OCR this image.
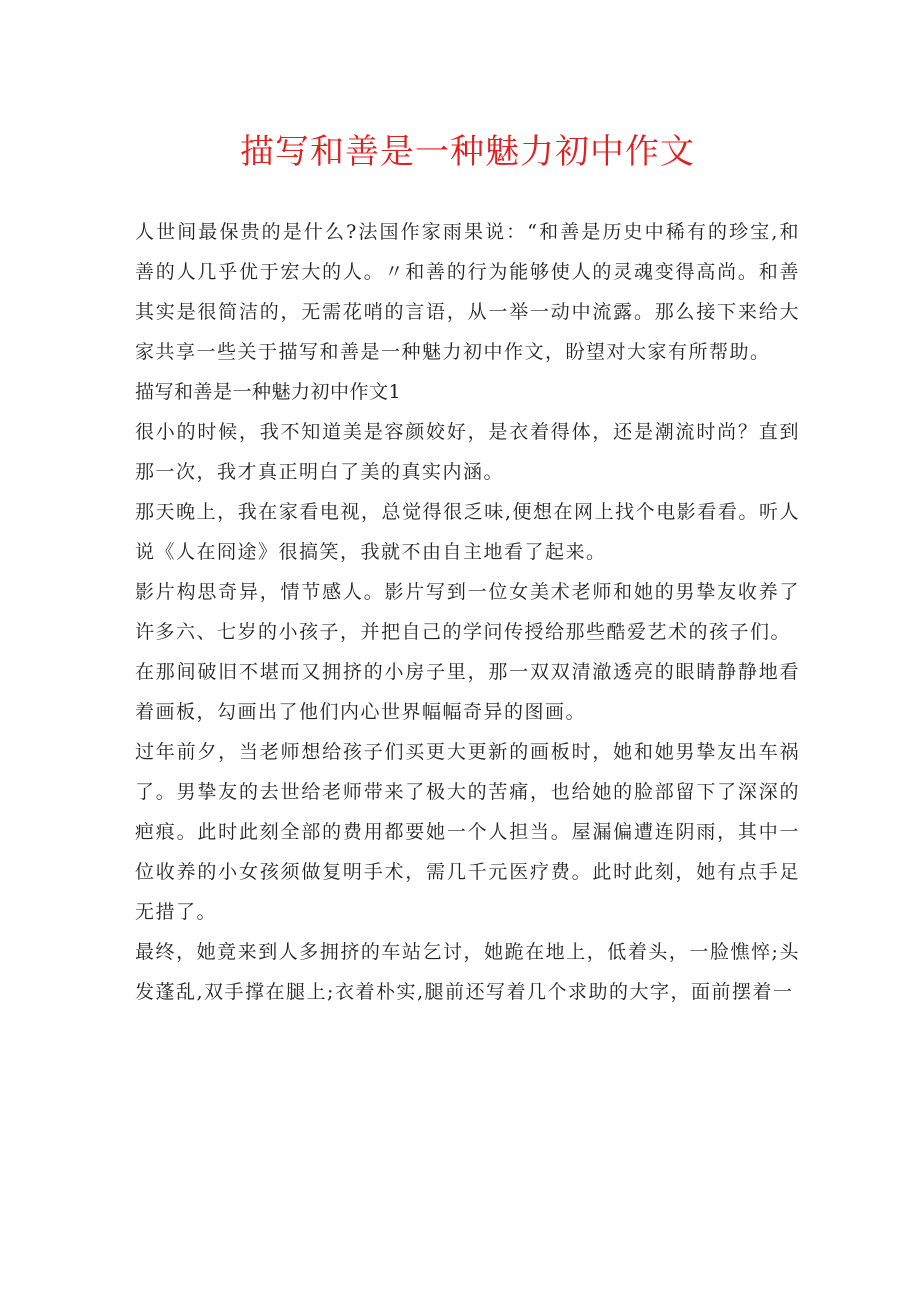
描写和善是一种魅力初中作文

人世间最保贵的是什么?法国作家雨果说：“和善是历史中稀有的珍宝,和善的人几乎优于宏大的人。〃和善的行为能够使人的灵魂变得高尚。和善其实是很简洁的，无需花哨的言语，从一举一动中流露。那么接下来给大家共享一些关于描写和善是一种魅力初中作文，盼望对大家有所帮助。

描写和善是一种魅力初中作文1

很小的时候，我不知道美是容颜姣好，是衣着得体，还是潮流时尚？直到那一次，我才真正明白了美的真实内涵。

那天晚上，我在家看电视，总觉得很乏味,便想在网上找个电影看看。听人说《人在冏途》很搞笑，我就不由自主地看了起来。

影片构思奇异，情节感人。影片写到一位女美术老师和她的男挚友收养了许多六、七岁的小孩子，并把自己的学问传授给那些酷爱艺术的孩子们。

在那间破旧不堪而又拥挤的小房子里，那一双双清澈透亮的眼睛静静地看着画板，勾画出了他们内心世界幅幅奇异的图画。

过年前夕，当老师想给孩子们买更大更新的画板时，她和她男挚友出车祸了。男挚友的去世给老师带来了极大的苦痛，也给她的脸部留下了深深的疤痕。此时此刻全部的费用都要她一个人担当。屋漏偏遭连阴雨，其中一位收养的小女孩须做复明手术，需几千元医疗费。此时此刻，她有点手足无措了。

最终，她竟来到人多拥挤的车站乞讨，她跪在地上，低着头，一脸憔悴;头发蓬乱,双手撑在腿上;衣着朴实,腿前还写着几个求助的大字，面前摆着一
